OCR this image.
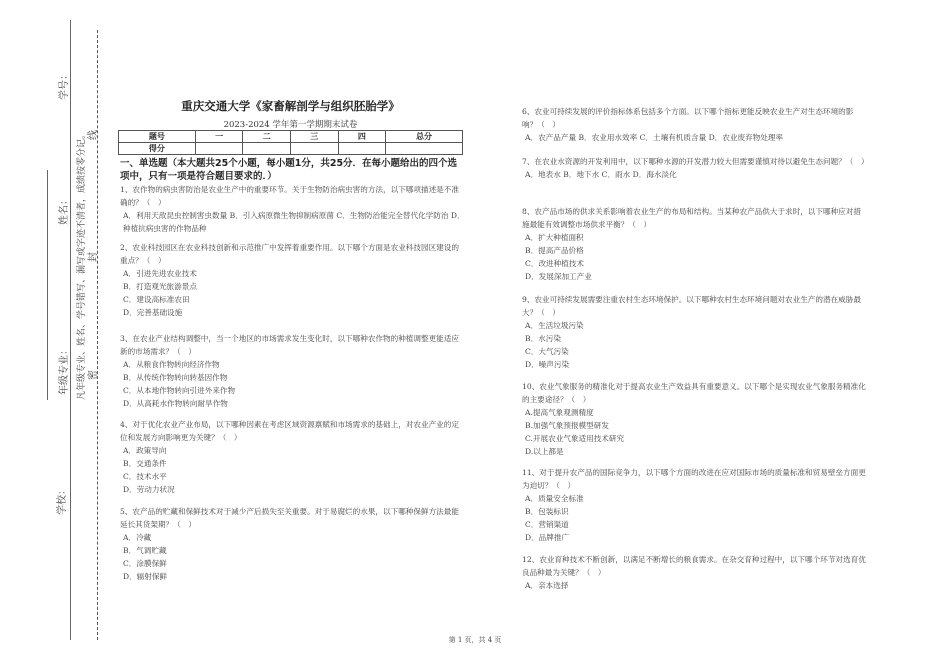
学校：
年级专业：
姓名：
学号：
凡年级专业、姓名、学号错写、漏写或字迹不清者，成绩按零分记。 密
封
线
重庆交通大学《家畜解剖学与组织胚胎学》
2023-2024 学年第一学期期末试卷
题号	一	二	三	四	总分
得分					
一、单选题（本大题共25个小题，每小题1分，共25分．在每小题给出的四个选项中，只有一项是符合题目要求的．）
1、农作物的病虫害防治是农业生产中的重要环节。关于生物防治病虫害的方法，以下哪项描述是不准确的？（　）
A．利用天敌昆虫控制害虫数量 B．引入病原微生物抑制病原菌 C．生物防治能完全替代化学防治 D．种植抗病虫害的作物品种
2、农业科技园区在农业科技创新和示范推广中发挥着重要作用。以下哪个方面是农业科技园区建设的重点？（　）
A．引进先进农业技术
B．打造观光旅游景点
C．建设高标准农田
D．完善基础设施
3、在农业产业结构调整中，当一个地区的市场需求发生变化时，以下哪种农作物的种植调整更能适应新的市场需求？（　）
A．从粮食作物转向经济作物
B．从传统作物转向转基因作物
C．从本地作物转向引进外来作物
D．从高耗水作物转向耐旱作物
4、对于优化农业产业布局，以下哪种因素在考虑区域资源禀赋和市场需求的基础上，对农业产业的定位和发展方向影响更为关键？（　）
A．政策导向
B．交通条件
C．技术水平
D．劳动力状况
5、农产品的贮藏和保鲜技术对于减少产后损失至关重要。对于易腐烂的水果，以下哪种保鲜方法最能延长其货架期？（　）
A．冷藏
B．气调贮藏
C．涂膜保鲜
D．辐射保鲜
6、农业可持续发展的评价指标体系包括多个方面。以下哪个指标更能反映农业生产对生态环境的影响？（　）
A．农产品产量 B．农业用水效率 C．土壤有机质含量 D．农业废弃物处理率
7、在农业水资源的开发利用中，以下哪种水源的开发潜力较大但需要谨慎对待以避免生态问题？（　）
A．地表水 B．地下水 C．雨水 D．海水淡化
8、农产品市场的供求关系影响着农业生产的布局和结构。当某种农产品供大于求时，以下哪种应对措施最能有效调整市场供求平衡？（　）
A．扩大种植面积
B．提高产品价格
C．改进种植技术
D．发展深加工产业
9、农业可持续发展需要注重农村生态环境保护。以下哪种农村生态环境问题对农业生产的潜在威胁最大？（　）
A．生活垃圾污染
B．水污染
C．大气污染
D．噪声污染
10、农业气象服务的精准化对于提高农业生产效益具有重要意义。以下哪个是实现农业气象服务精准化的主要途径？（　）
A.提高气象观测精度
B.加强气象预报模型研发
C.开展农业气象适用技术研究
D.以上都是
11、对于提升农产品的国际竞争力，以下哪个方面的改进在应对国际市场的质量标准和贸易壁垒方面更为迫切？（　）
A．质量安全标准
B．包装标识
C．营销渠道
D．品牌推广
12、农业育种技术不断创新，以满足不断增长的粮食需求。在杂交育种过程中，以下哪个环节对选育优良品种最为关键？（　）
A．亲本选择
第 1 页，共 4 页
